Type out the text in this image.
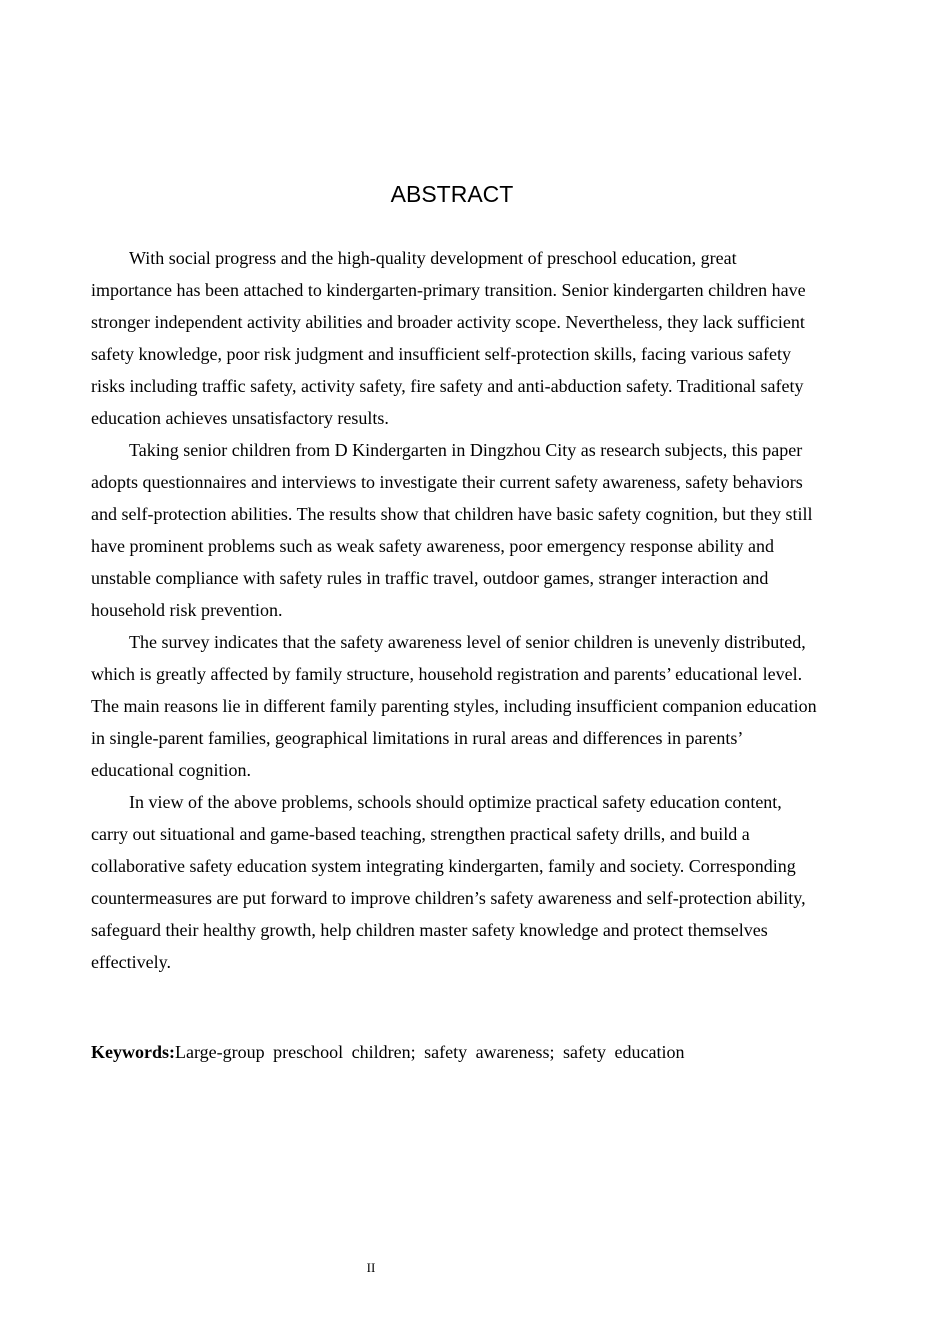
ABSTRACT

With social progress and the high-quality development of preschool education, great importance has been attached to kindergarten-primary transition. Senior kindergarten children have stronger independent activity abilities and broader activity scope. Nevertheless, they lack sufficient safety knowledge, poor risk judgment and insufficient self-protection skills, facing various safety risks including traffic safety, activity safety, fire safety and anti-abduction safety. Traditional safety education achieves unsatisfactory results.

Taking senior children from D Kindergarten in Dingzhou City as research subjects, this paper adopts questionnaires and interviews to investigate their current safety awareness, safety behaviors and self-protection abilities. The results show that children have basic safety cognition, but they still have prominent problems such as weak safety awareness, poor emergency response ability and unstable compliance with safety rules in traffic travel, outdoor games, stranger interaction and household risk prevention.

The survey indicates that the safety awareness level of senior children is unevenly distributed, which is greatly affected by family structure, household registration and parents’ educational level. The main reasons lie in different family parenting styles, including insufficient companion education in single-parent families, geographical limitations in rural areas and differences in parents’ educational cognition.

In view of the above problems, schools should optimize practical safety education content, carry out situational and game-based teaching, strengthen practical safety drills, and build a collaborative safety education system integrating kindergarten, family and society. Corresponding countermeasures are put forward to improve children’s safety awareness and self-protection ability, safeguard their healthy growth, help children master safety knowledge and protect themselves effectively.

Keywords:Large-group preschool children; safety awareness; safety education

II
